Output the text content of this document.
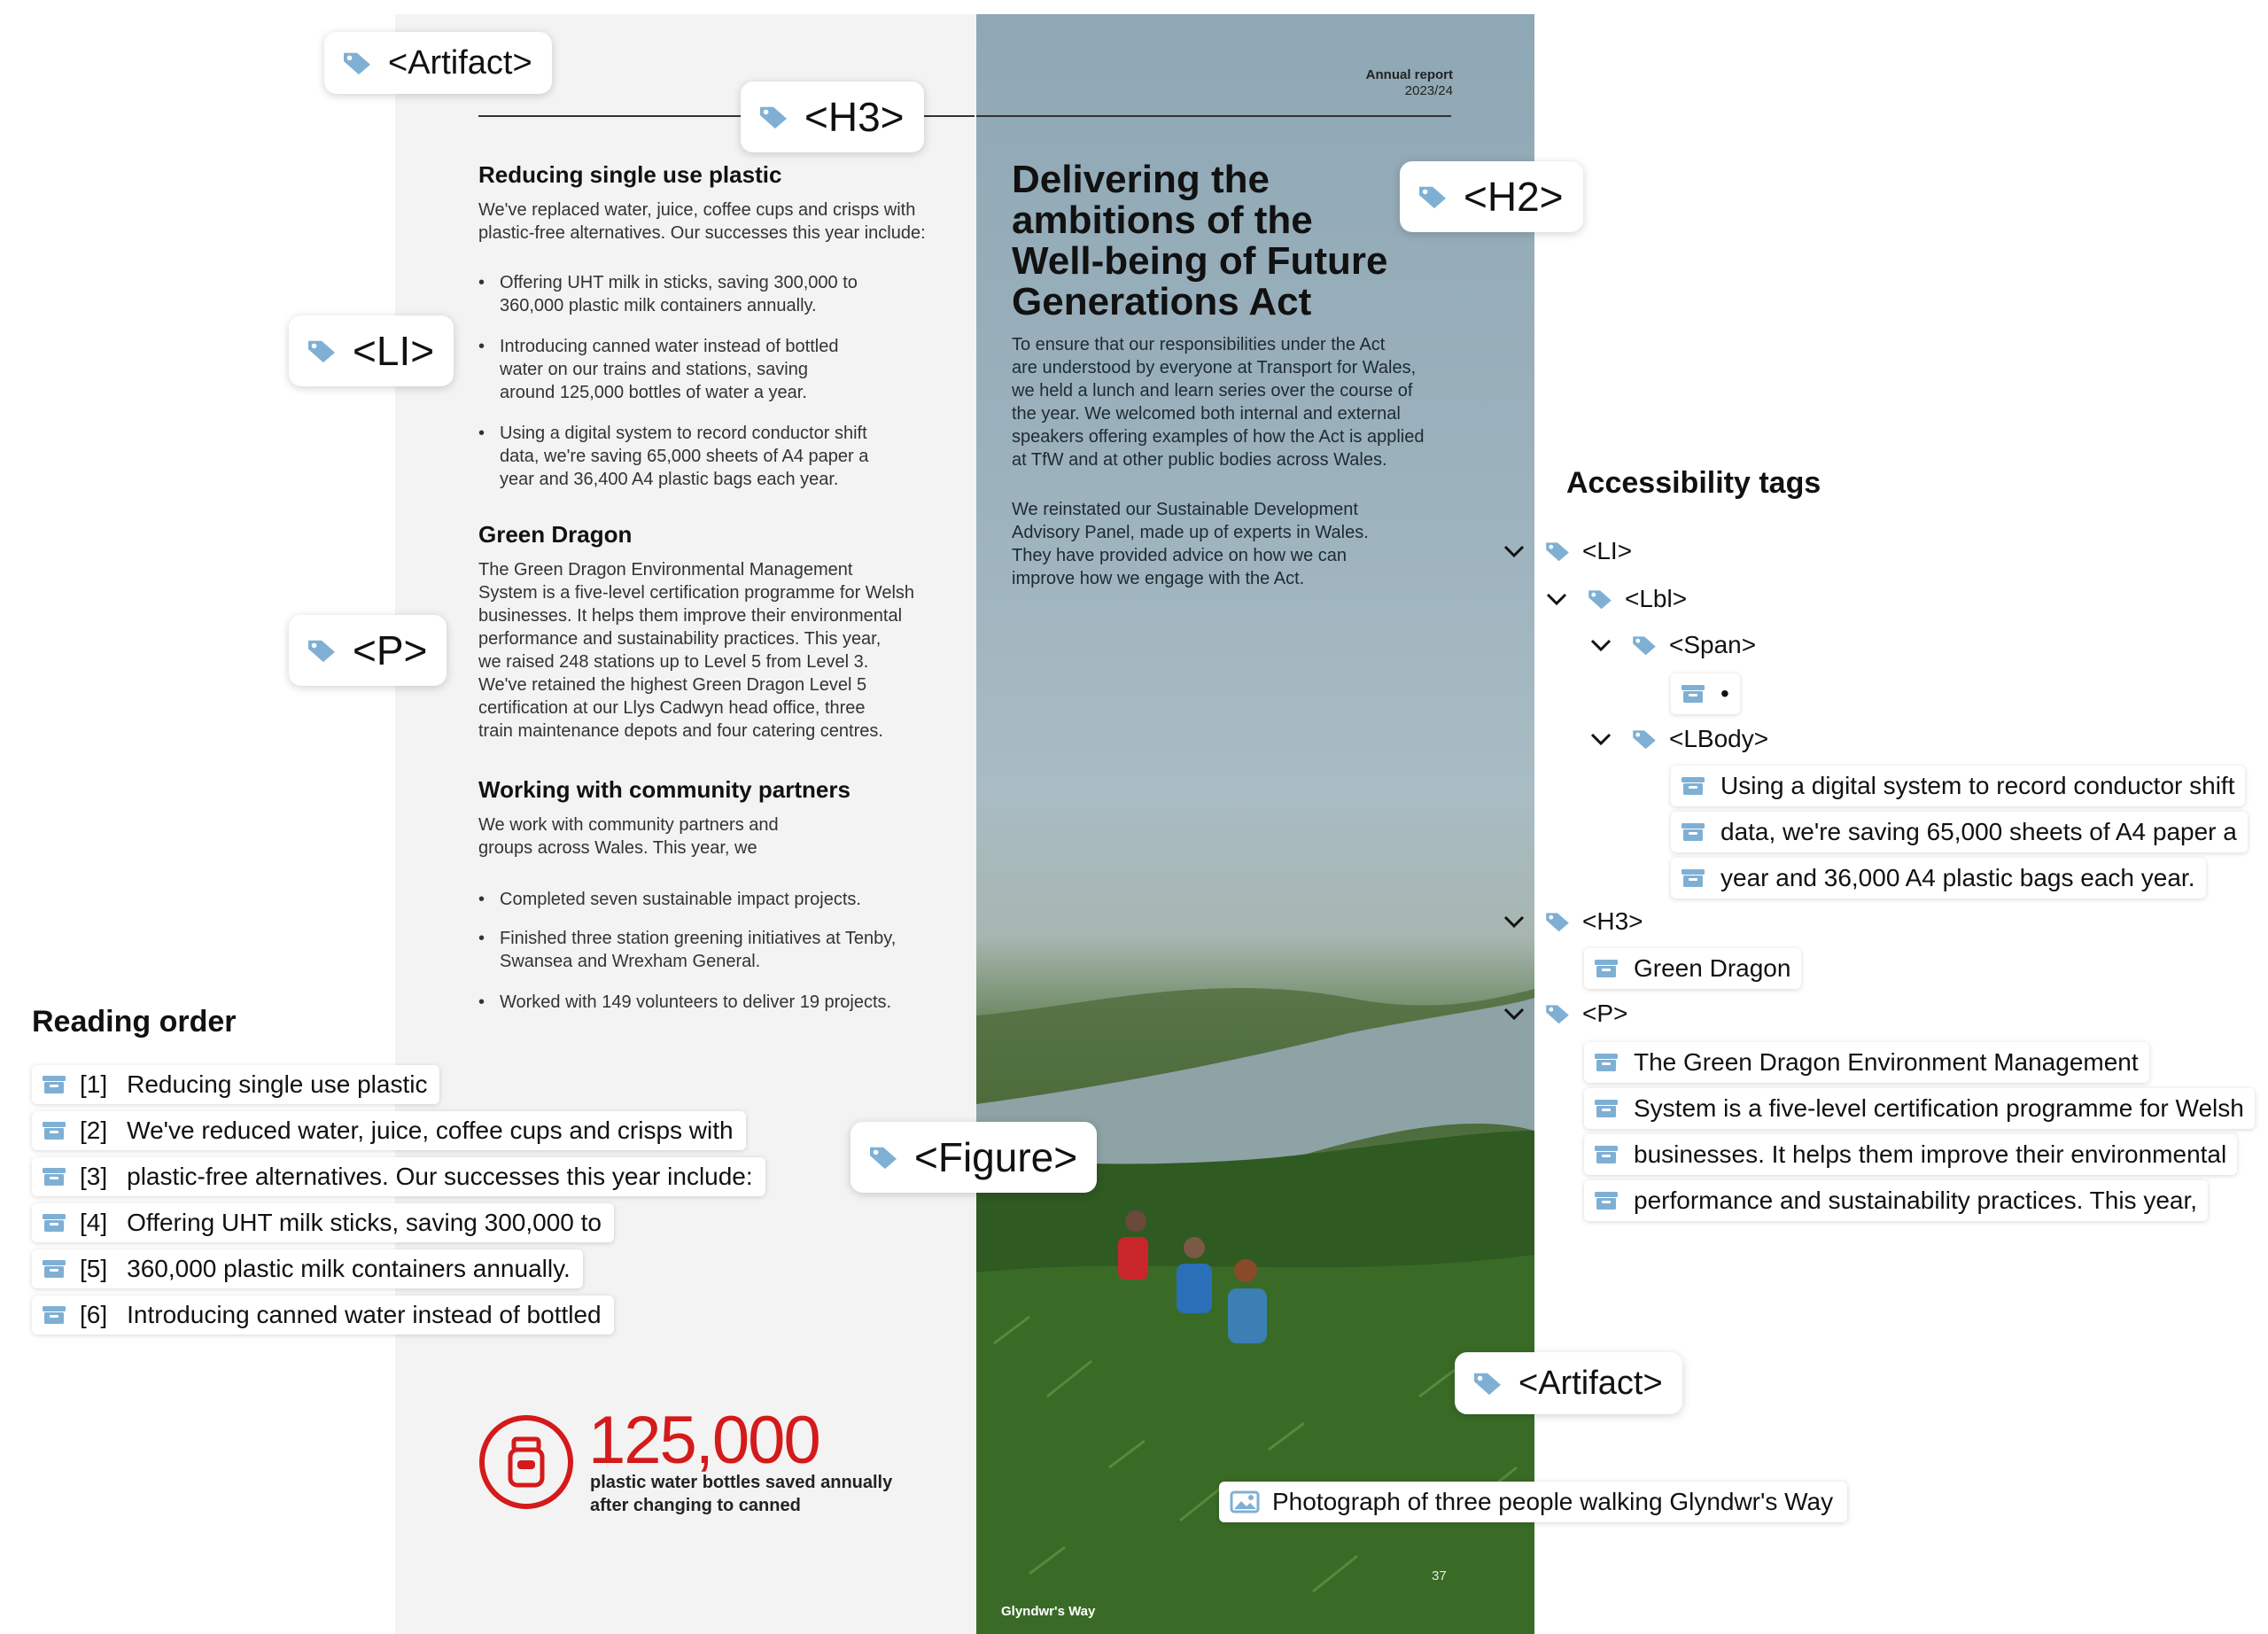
Reducing single use plastic
We've replaced water, juice, coffee cups and crisps with
plastic-free alternatives. Our successes this year include:
• Offering UHT milk in sticks, saving 300,000 to
360,000 plastic milk containers annually.
• Introducing canned water instead of bottled
water on our trains and stations, saving
around 125,000 bottles of water a year.
• Using a digital system to record conductor shift
data, we're saving 65,000 sheets of A4 paper a
year and 36,400 A4 plastic bags each year.
Green Dragon
The Green Dragon Environmental Management
System is a five-level certification programme for Welsh
businesses. It helps them improve their environmental
performance and sustainability practices. This year,
we raised 248 stations up to Level 5 from Level 3.
We've retained the highest Green Dragon Level 5
certification at our Llys Cadwyn head office, three
train maintenance depots and four catering centres.
Working with community partners
We work with community partners and
groups across Wales. This year, we
• Completed seven sustainable impact projects.
• Finished three station greening initiatives at Tenby,
Swansea and Wrexham General.
• Worked with 149 volunteers to deliver 19 projects.
125,000
plastic water bottles saved annually
after changing to canned
Annual report
2023/24
Delivering the
ambitions of the
Well-being of Future
Generations Act
To ensure that our responsibilities under the Act
are understood by everyone at Transport for Wales,
we held a lunch and learn series over the course of
the year. We welcomed both internal and external
speakers offering examples of how the Act is applied
at TfW and at other public bodies across Wales.
We reinstated our Sustainable Development
Advisory Panel, made up of experts in Wales.
They have provided advice on how we can
improve how we engage with the Act.
Glyndwr's Way
37
<Artifact>
<H3>
<H2>
<LI>
<P>
<Figure>
<Artifact>
Photograph of three people walking Glyndwr's Way
Reading order
[1] Reducing single use plastic
[2] We've reduced water, juice, coffee cups and crisps with
[3] plastic-free alternatives. Our successes this year include:
[4] Offering UHT milk sticks, saving 300,000 to
[5] 360,000 plastic milk containers annually.
[6] Introducing canned water instead of bottled
Accessibility tags
<LI>
<Lbl>
<Span>
•
<LBody>
Using a digital system to record conductor shift
data, we're saving 65,000 sheets of A4 paper a
year and 36,000 A4 plastic bags each year.
<H3>
Green Dragon
<P>
The Green Dragon Environment Management
System is a five-level certification programme for Welsh
businesses. It helps them improve their environmental
performance and sustainability practices. This year,
